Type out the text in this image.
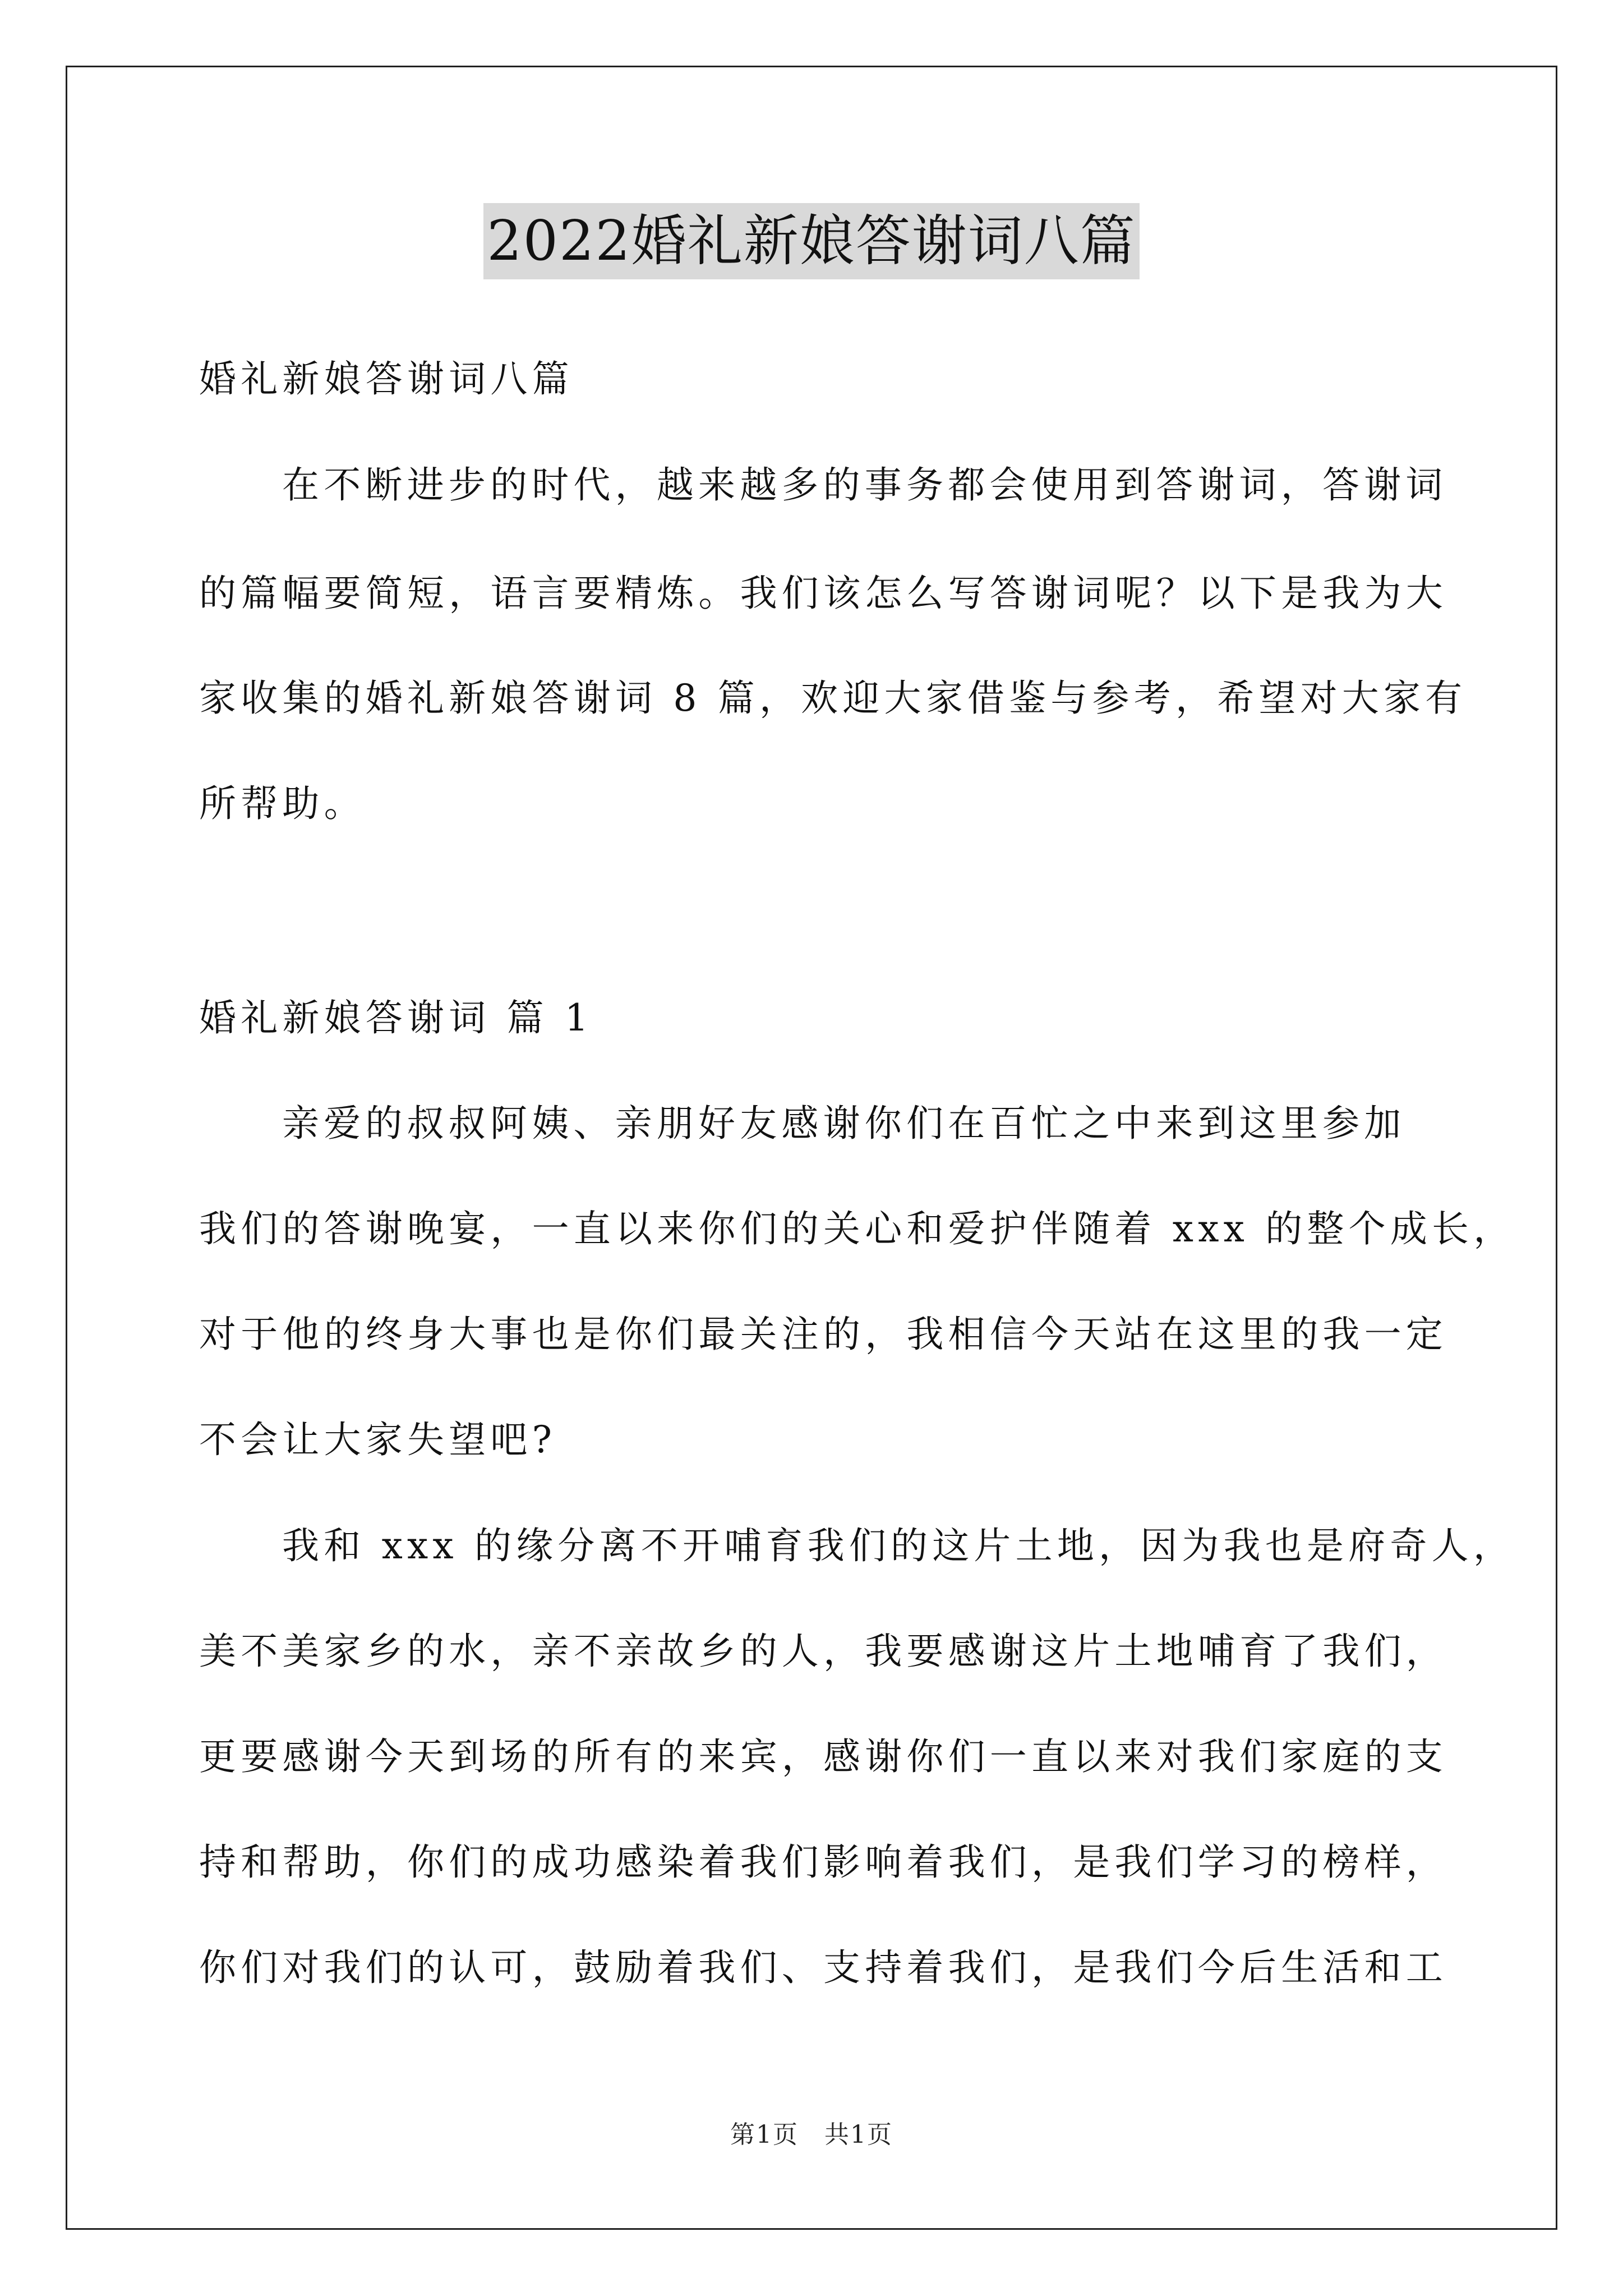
2022婚礼新娘答谢词八篇
婚礼新娘答谢词八篇
在不断进步的时代，越来越多的事务都会使用到答谢词，答谢词
的篇幅要简短，语言要精炼。我们该怎么写答谢词呢？以下是我为大
家收集的婚礼新娘答谢词 8 篇，欢迎大家借鉴与参考，希望对大家有
所帮助。
婚礼新娘答谢词 篇 1
亲爱的叔叔阿姨、亲朋好友感谢你们在百忙之中来到这里参加
我们的答谢晚宴，一直以来你们的关心和爱护伴随着 xxx 的整个成长，
对于他的终身大事也是你们最关注的，我相信今天站在这里的我一定
不会让大家失望吧?
我和 xxx 的缘分离不开哺育我们的这片土地，因为我也是府奇人，
美不美家乡的水，亲不亲故乡的人，我要感谢这片土地哺育了我们，
更要感谢今天到场的所有的来宾，感谢你们一直以来对我们家庭的支
持和帮助，你们的成功感染着我们影响着我们，是我们学习的榜样，
你们对我们的认可，鼓励着我们、支持着我们，是我们今后生活和工
第1页 共1页
